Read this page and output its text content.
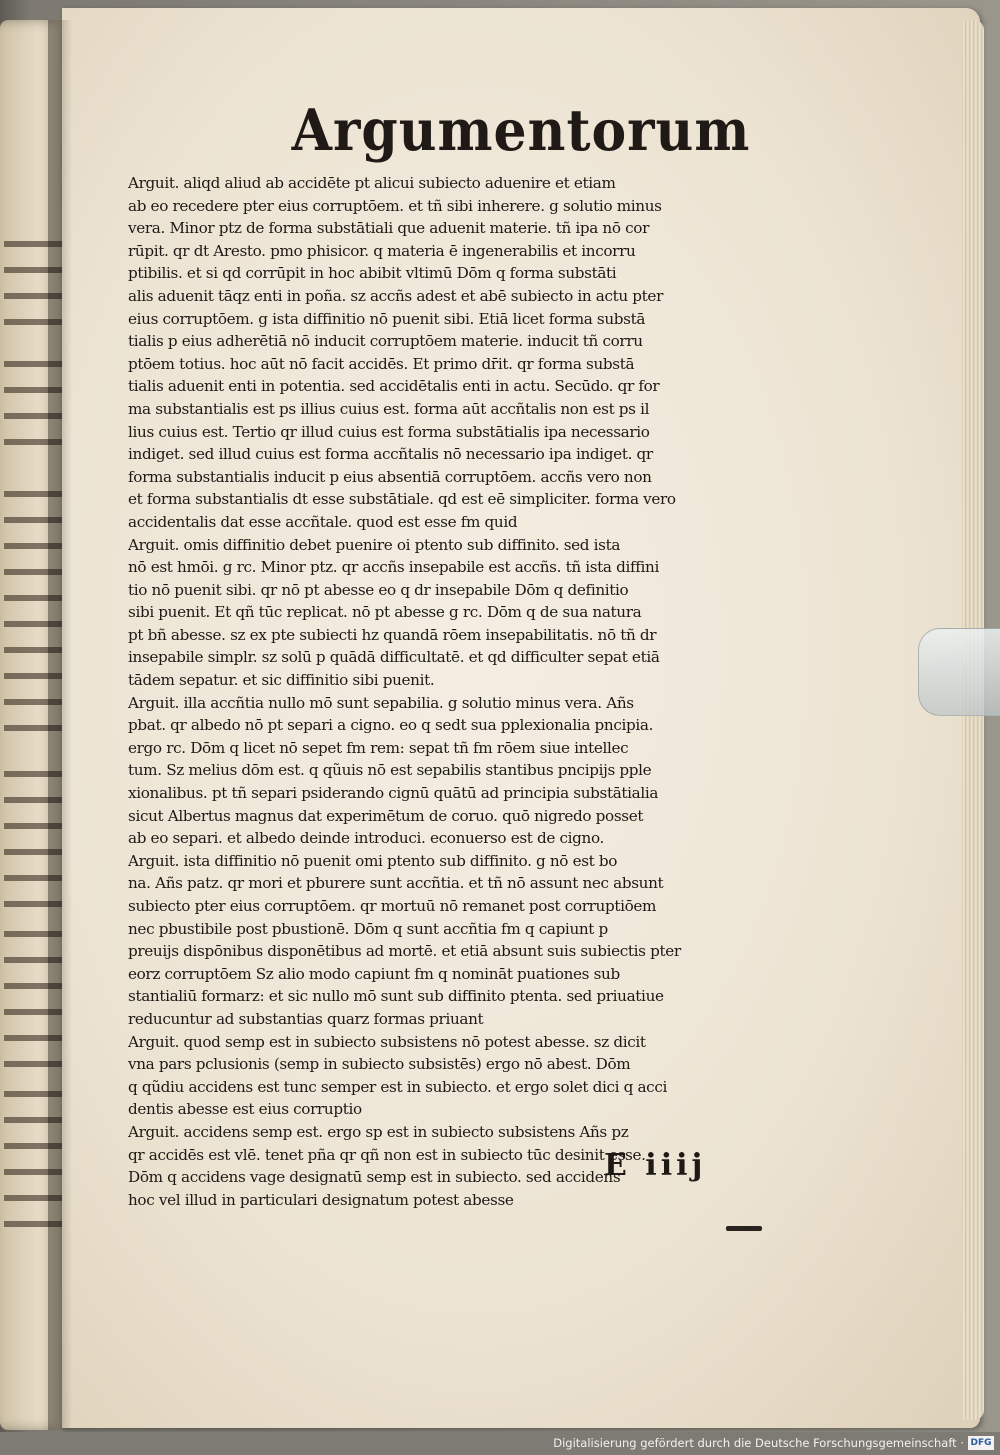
Argumentorum
Arguit. aliqd aliud ab accidēte pt alicui subiecto aduenire et etiam
ab eo recedere pter eius corruptōem. et tñ sibi inherere. g solutio minus
vera. Minor ptz de forma substātiali que aduenit materie. tñ ipa nō cor
rūpit. qr dt Aresto. pmo phisicor. q materia ē ingenerabilis et incorru
ptibilis. et si qd corrūpit in hoc abibit vltimū Dōm q forma substāti
alis aduenit tāqz enti in poña. sz accñs adest et abē subiecto in actu pter
eius corruptōem. g ista diffinitio nō puenit sibi. Etiā licet forma substā
tialis p eius adherētiā nō inducit corruptōem materie. inducit tñ corru
ptōem totius. hoc aūt nō facit accidēs. Et primo dr̄it. qr forma substā
tialis aduenit enti in potentia. sed accidētalis enti in actu. Secūdo. qr for
ma substantialis est ps illius cuius est. forma aūt accñtalis non est ps il
lius cuius est. Tertio qr illud cuius est forma substātialis ipa necessario
indiget. sed illud cuius est forma accñtalis nō necessario ipa indiget. qr
forma substantialis inducit p eius absentiā corruptōem. accñs vero non
et forma substantialis dt esse substātiale. qd est eē simpliciter. forma vero
accidentalis dat esse accñtale. quod est esse fm quid
Arguit. omis diffinitio debet puenire oi ptento sub diffinito. sed ista
nō est hmōi. g rc. Minor ptz. qr accñs insepabile est accñs. tñ ista diffini
tio nō puenit sibi. qr nō pt abesse eo q dr insepabile Dōm q definitio
sibi puenit. Et qñ tūc replicat. nō pt abesse g rc. Dōm q de sua natura
pt bñ abesse. sz ex pte subiecti hz quandā rōem insepabilitatis. nō tñ dr
insepabile simplr. sz solū p quādā difficultatē. et qd difficulter sepat etiā
tādem sepatur. et sic diffinitio sibi puenit.
Arguit. illa accñtia nullo mō sunt sepabilia. g solutio minus vera. Añs
pbat. qr albedo nō pt separi a cigno. eo q sedt sua pplexionalia pncipia.
ergo rc. Dōm q licet nō sepet fm rem: sepat tñ fm rōem siue intellec
tum. Sz melius dōm est. q qũuis nō est sepabilis stantibus pncipijs pple
xionalibus. pt tñ separi psiderando cignū quātū ad principia substātialia
sicut Albertus magnus dat experimētum de coruo. quō nigredo posset
ab eo separi. et albedo deinde introduci. econuerso est de cigno.
Arguit. ista diffinitio nō puenit omi ptento sub diffinito. g nō est bo
na. Añs patz. qr mori et pburere sunt accñtia. et tñ nō assunt nec absunt
subiecto pter eius corruptōem. qr mortuū nō remanet post corruptiōem
nec pbustibile post pbustionē. Dōm q sunt accñtia fm q capiunt p
preuijs dispōnibus disponētibus ad mortē. et etiā absunt suis subiectis pter
eorz corruptōem Sz alio modo capiunt fm q nomināt puationes sub
stantialiū formarz: et sic nullo mō sunt sub diffinito ptenta. sed priuatiue
reducuntur ad substantias quarz formas priuant
Arguit. quod semp est in subiecto subsistens nō potest abesse. sz dicit
vna pars pclusionis (semp in subiecto subsistēs) ergo nō abest. Dōm
q qũdiu accidens est tunc semper est in subiecto. et ergo solet dici q acci
dentis abesse est eius corruptio
Arguit. accidens semp est. ergo sp est in subiecto subsistens Añs pz
qr accidēs est vlē. tenet pña qr qñ non est in subiecto tūc desinit esse.
Dōm q accidens vage designatū semp est in subiecto. sed accidens
hoc vel illud in particulari designatum potest abesse
E iiij
Digitalisierung gefördert durch die Deutsche Forschungsgemeinschaft · DFG
